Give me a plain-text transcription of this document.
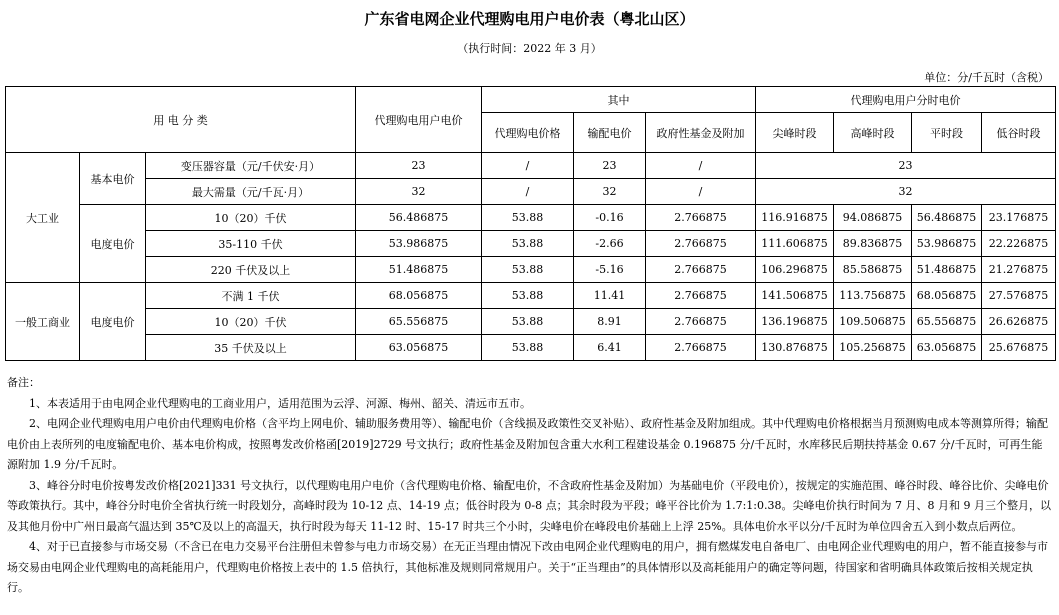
广东省电网企业代理购电用户电价表（粤北山区）
（执行时间：2022 年 3 月）
单位：分/千瓦时（含税）
用 电 分 类			代理购电用户电价	其中			代理购电用户分时电价			
				代理购电价格	输配电价	政府性基金及附加	尖峰时段	高峰时段	平时段	低谷时段
大工业	基本电价	变压器容量（元/千伏安·月）	23	/	23	/	23			
		最大需量（元/千瓦·月）	32	/	32	/	32			
	电度电价	10（20）千伏	56.486875	53.88	-0.16	2.766875	116.916875	94.086875	56.486875	23.176875
		35-110 千伏	53.986875	53.88	-2.66	2.766875	111.606875	89.836875	53.986875	22.226875
		220 千伏及以上	51.486875	53.88	-5.16	2.766875	106.296875	85.586875	51.486875	21.276875
一般工商业	电度电价	不满 1 千伏	68.056875	53.88	11.41	2.766875	141.506875	113.756875	68.056875	27.576875
		10（20）千伏	65.556875	53.88	8.91	2.766875	136.196875	109.506875	65.556875	26.626875
		35 千伏及以上	63.056875	53.88	6.41	2.766875	130.876875	105.256875	63.056875	25.676875

备注：

1、本表适用于由电网企业代理购电的工商业用户，适用范围为云浮、河源、梅州、韶关、清远市五市。

2、电网企业代理购电用户电价由代理购电价格（含平均上网电价、辅助服务费用等）、输配电价（含线损及政策性交叉补贴）、政府性基金及附加组成。其中代理购电价格根据当月预测购电成本等测算所得；输配电价由上表所列的电度输配电价、基本电价构成，按照粤发改价格函[2019]2729 号文执行；政府性基金及附加包含重大水利工程建设基金 0.196875 分/千瓦时，水库移民后期扶持基金 0.67 分/千瓦时，可再生能源附加 1.9 分/千瓦时。

3、峰谷分时电价按粤发改价格[2021]331 号文执行，以代理购电用户电价（含代理购电价格、输配电价，不含政府性基金及附加）为基础电价（平段电价），按规定的实施范围、峰谷时段、峰谷比价、尖峰电价等政策执行。其中，峰谷分时电价全省执行统一时段划分，高峰时段为 10-12 点、14-19 点；低谷时段为 0-8 点；其余时段为平段；峰平谷比价为 1.7:1:0.38。尖峰电价执行时间为 7 月、8 月和 9 月三个整月，以及其他月份中广州日最高气温达到 35℃及以上的高温天，执行时段为每天 11-12 时、15-17 时共三个小时，尖峰电价在峰段电价基础上上浮 25%。具体电价水平以分/千瓦时为单位四舍五入到小数点后两位。

4、对于已直接参与市场交易（不含已在电力交易平台注册但未曾参与电力市场交易）在无正当理由情况下改由电网企业代理购电的用户，拥有燃煤发电自备电厂、由电网企业代理购电的用户，暂不能直接参与市场交易由电网企业代理购电的高耗能用户，代理购电价格按上表中的 1.5 倍执行，其他标准及规则同常规用户。关于“正当理由”的具体情形以及高耗能用户的确定等问题，待国家和省明确具体政策后按相关规定执行。
